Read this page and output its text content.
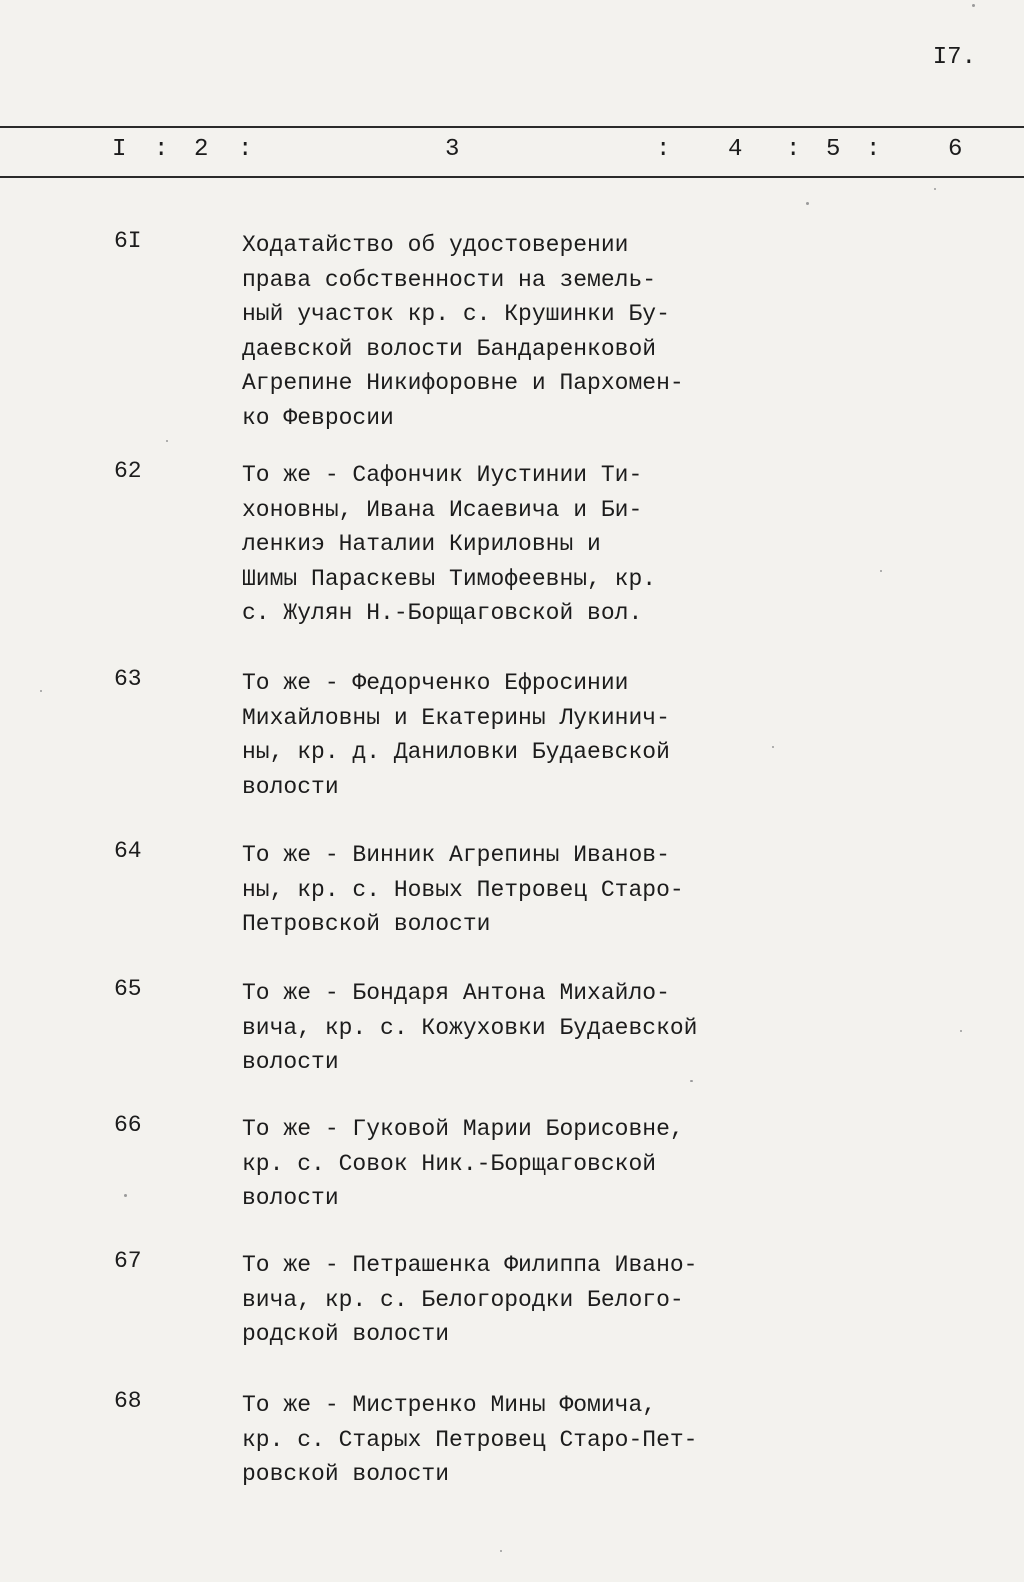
I7.
I : 2 :	3	: 4 : 5 :	6
6I	Ходатайство об удостоверении
права собственности на земель-
ный участок кр. с. Крушинки Бу-
даевской волости Бандаренковой
Агрепине Никифоровне и Пархомен-
ко Февросии
62	То же - Сафончик Иустинии Ти-
хоновны, Ивана Исаевича и Би-
ленкиэ Наталии Кириловны и
Шимы Параскевы Тимофеевны, кр.
с. Жулян Н.-Борщаговской вол.
63	То же - Федорченко Ефросинии
Михайловны и Екатерины Лукинич-
ны, кр. д. Даниловки Будаевской
волости
64	То же - Винник Агрепины Иванов-
ны, кр. с. Новых Петровец Старо-
Петровской волости
65	То же - Бондаря Антона Михайло-
вича, кр. с. Кожуховки Будаевской
волости
66	То же - Гуковой Марии Борисовне,
кр. с. Совок Ник.-Борщаговской
волости
67	То же - Петрашенка Филиппа Ивано-
вича, кр. с. Белогородки Белого-
родской волости
68	То же - Мистренко Мины Фомича,
кр. с. Старых Петровец Старо-Пет-
ровской волости
